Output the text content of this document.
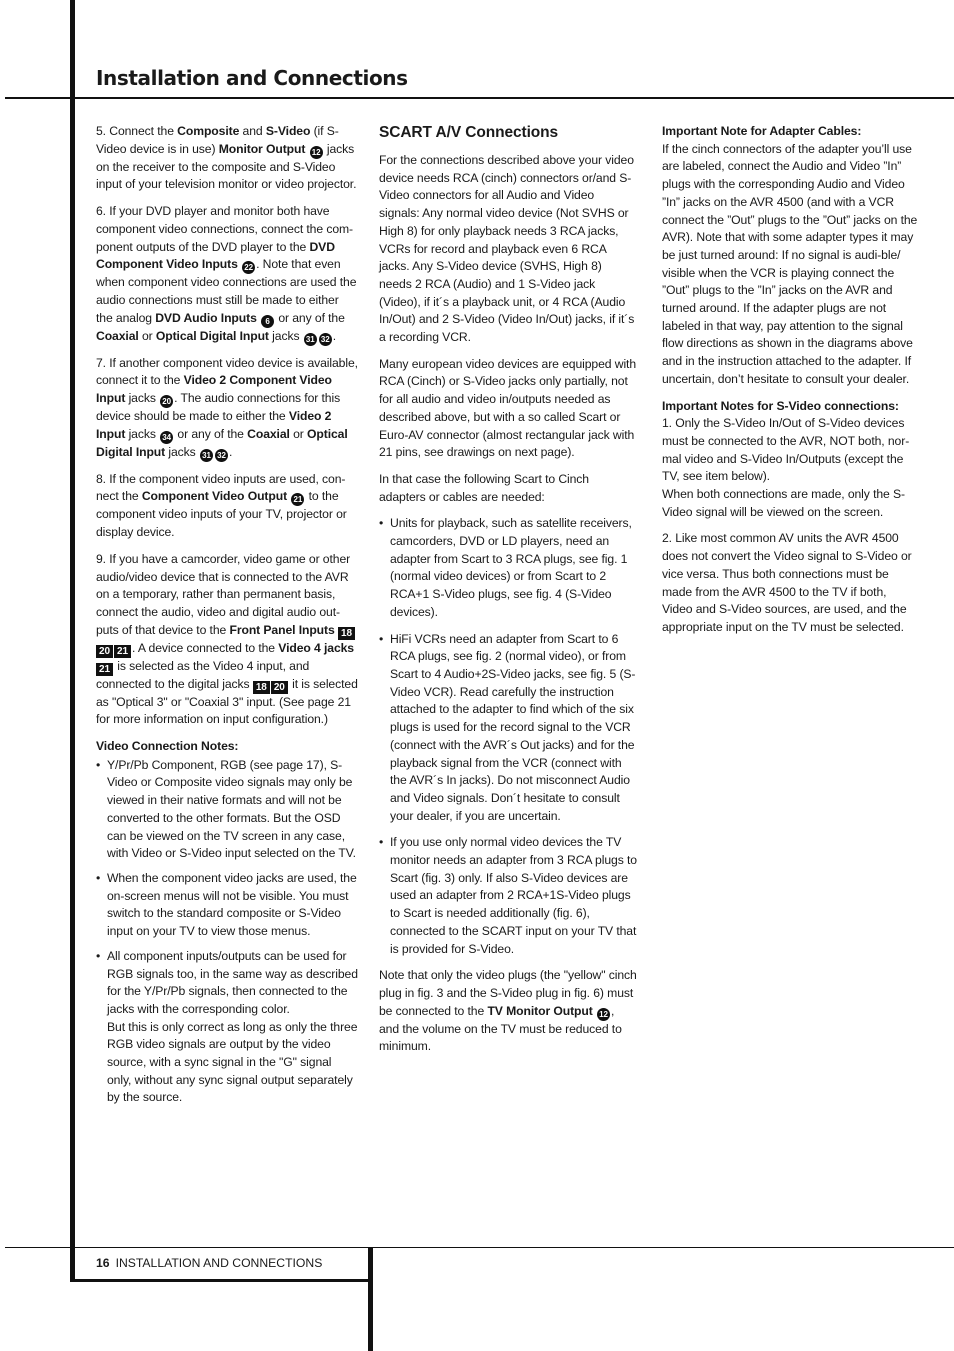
Installation and Connections

5. Connect the Composite and S-Video (if S-Video device is in use) Monitor Output 12 jacks on the receiver to the composite and S-Video input of your television monitor or video projector.

6. If your DVD player and monitor both have component video connections, connect the com-ponent outputs of the DVD player to the DVD Component Video Inputs 22 . Note that even when component video connections are used the audio connections must still be made to either the analog DVD Audio Inputs 6 or any of the Coaxial or Optical Digital Input jacks 31 32 .

7. If another component video device is available, connect it to the Video 2 Component Video Input jacks 20 . The audio connections for this device should be made to either the Video 2 Input jacks 34 or any of the Coaxial or Optical Digital Input jacks 31 32 .

8. If the component video inputs are used, con-nect the Component Video Output 21 to the component video inputs of your TV, projector or display device.

9. If you have a camcorder, video game or other audio/video device that is connected to the AVR on a temporary, rather than permanent basis, connect the audio, video and digital audio out-puts of that device to the Front Panel Inputs 1820 21 . A device connected to the Video 4 jacks 21 is selected as the Video 4 input, and connected to the digital jacks 18 20 it is selected as "Optical 3" or "Coaxial 3" input. (See page 21 for more information on input configuration.)

Video Connection Notes:

• Y/Pr/Pb Component, RGB (see page 17), S-Video or Composite video signals may only be viewed in their native formats and will not be converted to the other formats. But the OSD can be viewed on the TV screen in any case, with Video or S-Video input selected on the TV.
• When the component video jacks are used, the on-screen menus will not be visible. You must switch to the standard composite or S-Video input on your TV to view those menus.
• All component inputs/outputs can be used for RGB signals too, in the same way as described for the Y/Pr/Pb signals, then connected to the jacks with the corresponding color.
But this is only correct as long as only the three RGB video signals are output by the video source, with a sync signal in the "G" signal only, without any sync signal output separately by the source.
SCART A/V Connections

For the connections described above your video device needs RCA (cinch) connectors or/and S-Video connectors for all Audio and Video signals: Any normal video device (Not SVHS or High 8) for only playback needs 3 RCA jacks, VCRs for record and playback even 6 RCA jacks. Any S-Video device (SVHS, High 8) needs 2 RCA (Audio) and 1 S-Video jack (Video), if it´s a playback unit, or 4 RCA (Audio In/Out) and 2 S-Video (Video In/Out) jacks, if it´s a recording VCR.

Many european video devices are equipped with RCA (Cinch) or S-Video jacks only partially, not for all audio and video in/outputs needed as described above, but with a so called Scart or Euro-AV connector (almost rectangular jack with 21 pins, see drawings on next page).

In that case the following Scart to Cinch adapters or cables are needed:

• Units for playback, such as satellite receivers, camcorders, DVD or LD players, need an adapter from Scart to 3 RCA plugs, see fig. 1 (normal video devices) or from Scart to 2 RCA+1 S-Video plugs, see fig. 4 (S-Video devices).
• HiFi VCRs need an adapter from Scart to 6 RCA plugs, see fig. 2 (normal video), or from Scart to 4 Audio+2S-Video jacks, see fig. 5 (S-Video VCR). Read carefully the instruction attached to the adapter to find which of the six plugs is used for the record signal to the VCR (connect with the AVR´s Out jacks) and for the playback signal from the VCR (connect with the AVR´s In jacks). Do not misconnect Audio and Video signals. Don´t hesitate to consult your dealer, if you are uncertain.
• If you use only normal video devices the TV monitor needs an adapter from 3 RCA plugs to Scart (fig. 3) only. If also S-Video devices are used an adapter from 2 RCA+1S-Video plugs to Scart is needed additionally (fig. 6), connected to the SCART input on your TV that is provided for S-Video.

Note that only the video plugs (the "yellow" cinch plug in fig. 3 and the S-Video plug in fig. 6) must be connected to the TV Monitor Output 12 , and the volume on the TV must be reduced to minimum.

Important Note for Adapter Cables:

If the cinch connectors of the adapter you’ll use are labeled, connect the Audio and Video ”In” plugs with the corresponding Audio and Video ”In” jacks on the AVR 4500 (and with a VCR connect the ”Out” plugs to the ”Out” jacks on the AVR). Note that with some adapter types it may be just turned around: If no signal is audi-ble/ visible when the VCR is playing connect the ”Out” plugs to the ”In” jacks on the AVR and turned around. If the adapter plugs are not labeled in that way, pay attention to the signal flow directions as shown in the diagrams above and in the instruction attached to the adapter. If uncertain, don’t hesitate to consult your dealer.

Important Notes for S-Video connections:

1. Only the S-Video In/Out of S-Video devices must be connected to the AVR, NOT both, nor-mal video and S-Video In/Outputs (except the TV, see item below).
When both connections are made, only the S-Video signal will be viewed on the screen.

2. Like most common AV units the AVR 4500 does not convert the Video signal to S-Video or vice versa. Thus both connections must be made from the AVR 4500 to the TV if both, Video and S-Video sources, are used, and the appropriate input on the TV must be selected.

16 INSTALLATION AND CONNECTIONS
